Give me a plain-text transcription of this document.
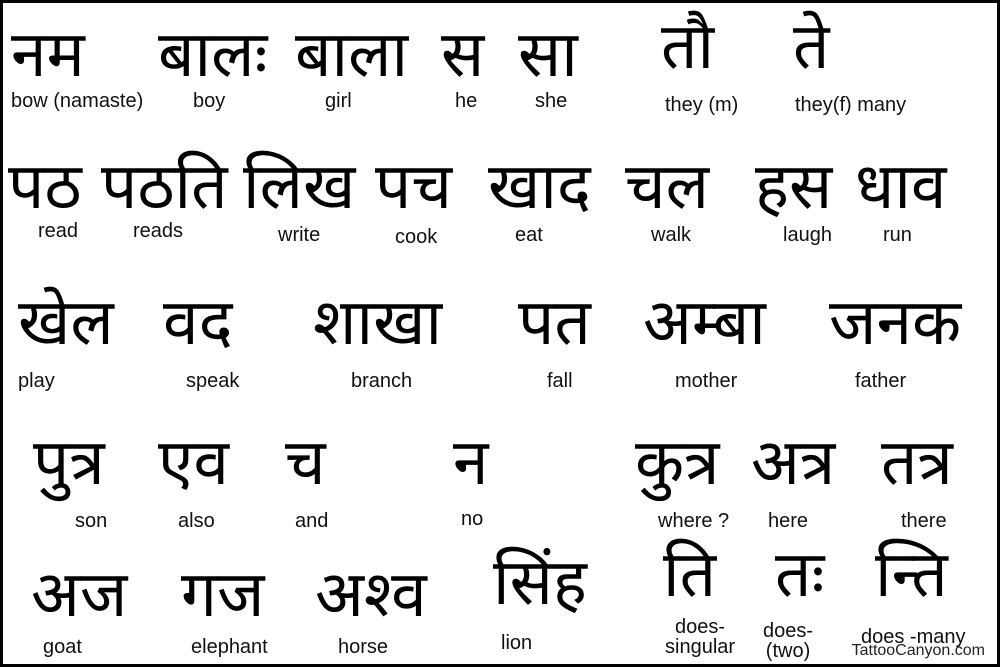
नम
bow (namaste)
बालः
boy
बाला
girl
स
he
सा
she
तौ
they (m)
ते
they(f) many
पठ
read
पठति
reads
लिख
write
पच
cook
खाद
eat
चल
walk
हस
laugh
धाव
run
खेल
play
वद
speak
शाखा
branch
पत
fall
अम्बा
mother
जनक
father
पुत्र
son
एव
also
च
and
न
no
कुत्र
where ?
अत्र
here
तत्र
there
अज
goat
गज
elephant
अश्व
horse
सिंह
lion
ति
does-
singular
तः
does-
(two)
न्ति
does -many
TattooCanyon.com
